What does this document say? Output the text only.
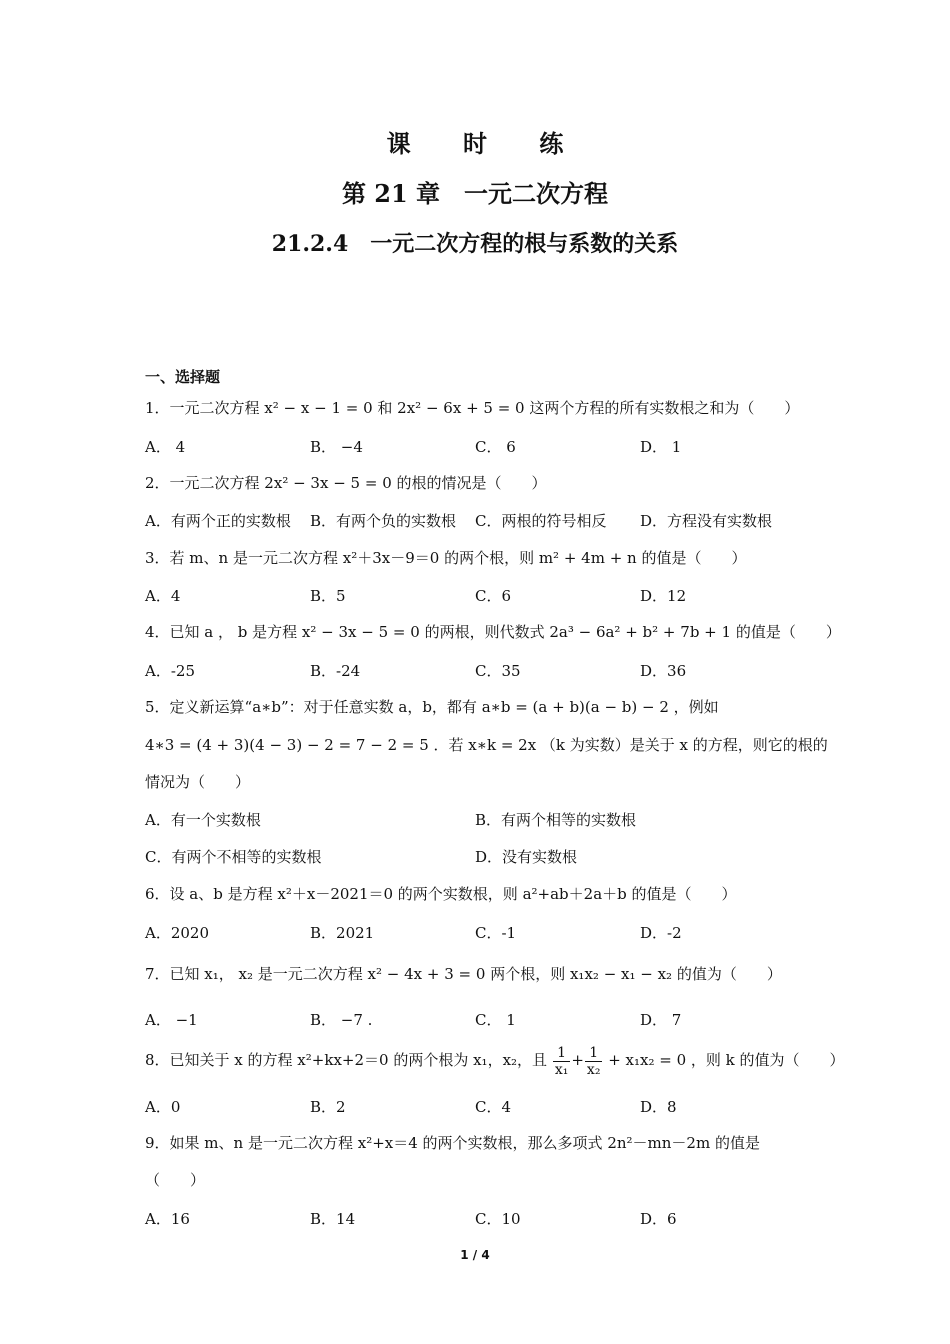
课 时 练
第 21 章　一元二次方程
21.2.4　一元二次方程的根与系数的关系
一、选择题
1．一元二次方程 x² − x − 1 = 0 和 2x² − 6x + 5 = 0 这两个方程的所有实数根之和为（　　）
A． 4	B． −4	C． 6	D． 1
2．一元二次方程 2x² − 3x − 5 = 0 的根的情况是（　　）
A．有两个正的实数根 B．有两个负的实数根 C．两根的符号相反 D．方程没有实数根
3．若 m、n 是一元二次方程 x²＋3x－9＝0 的两个根，则 m² + 4m + n 的值是（　　）
A．4	B．5	C．6	D．12
4．已知 a ， b 是方程 x² − 3x − 5 = 0 的两根，则代数式 2a³ − 6a² + b² + 7b + 1 的值是（　　）
A．-25	B．-24	C．35	D．36
5．定义新运算“a∗b”：对于任意实数 a，b，都有 a∗b = (a + b)(a − b) − 2 ，例如
4∗3 = (4 + 3)(4 − 3) − 2 = 7 − 2 = 5 ．若 x∗k = 2x （k 为实数）是关于 x 的方程，则它的根的
情况为（　　）
A．有一个实数根	B．有两个相等的实数根
C．有两个不相等的实数根	D．没有实数根
6．设 a、b 是方程 x²＋x－2021＝0 的两个实数根，则 a²+ab＋2a＋b 的值是（　　）
A．2020	B．2021	C．-1	D．-2
7．已知 x₁， x₂ 是一元二次方程 x² − 4x + 3 = 0 两个根，则 x₁x₂ − x₁ − x₂ 的值为（　　）
A． −1	B． −7 .	C． 1	D． 7
8．已知关于 x 的方程 x²+kx+2＝0 的两个根为 x₁，x₂，且 $\frac{1}{\text{x₁}} + \frac{1}{\text{x₂}} + x_1x_2 = 0$ ，则 k 的值为（　　）
A．0	B．2	C．4	D．8
9．如果 m、n 是一元二次方程 x²+x＝4 的两个实数根，那么多项式 2n²－mn－2m 的值是
（　　）
A．16	B．14	C．10	D．6
1 / 4
